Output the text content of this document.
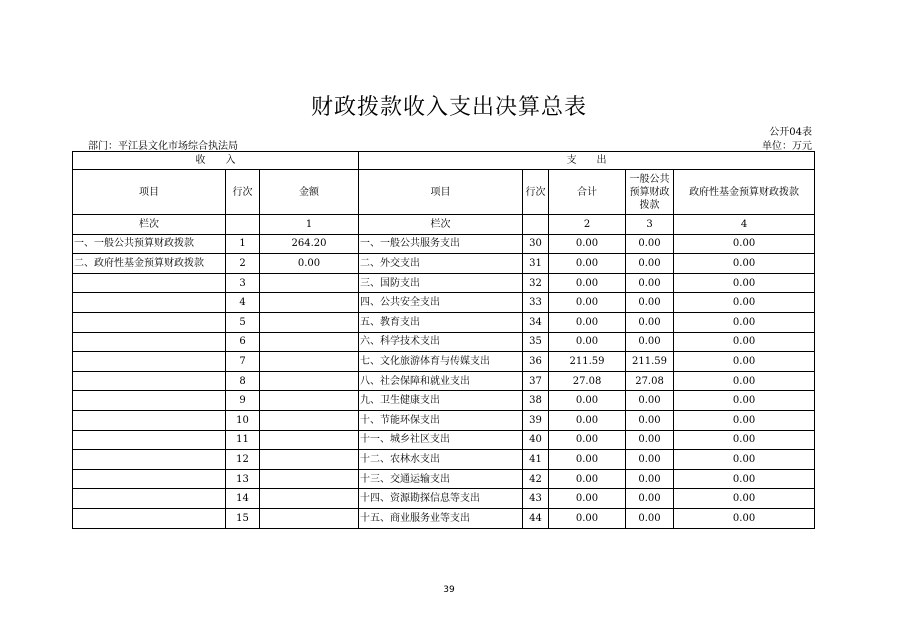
财政拨款收入支出决算总表
公开04表
部门：平江县文化市场综合执法局	单位：万元
收　　入			支　　出				
项目	行次	金额	项目	行次	合计	一般公共预算财政拨款	政府性基金预算财政拨款
栏次		1	栏次		2	3	4
一、一般公共预算财政拨款	1	264.20	一、一般公共服务支出	30	0.00	0.00	0.00
二、政府性基金预算财政拨款	2	0.00	二、外交支出	31	0.00	0.00	0.00
	3		三、国防支出	32	0.00	0.00	0.00
	4		四、公共安全支出	33	0.00	0.00	0.00
	5		五、教育支出	34	0.00	0.00	0.00
	6		六、科学技术支出	35	0.00	0.00	0.00
	7		七、文化旅游体育与传媒支出	36	211.59	211.59	0.00
	8		八、社会保障和就业支出	37	27.08	27.08	0.00
	9		九、卫生健康支出	38	0.00	0.00	0.00
	10		十、节能环保支出	39	0.00	0.00	0.00
	11		十一、城乡社区支出	40	0.00	0.00	0.00
	12		十二、农林水支出	41	0.00	0.00	0.00
	13		十三、交通运输支出	42	0.00	0.00	0.00
	14		十四、资源勘探信息等支出	43	0.00	0.00	0.00
	15		十五、商业服务业等支出	44	0.00	0.00	0.00
39
